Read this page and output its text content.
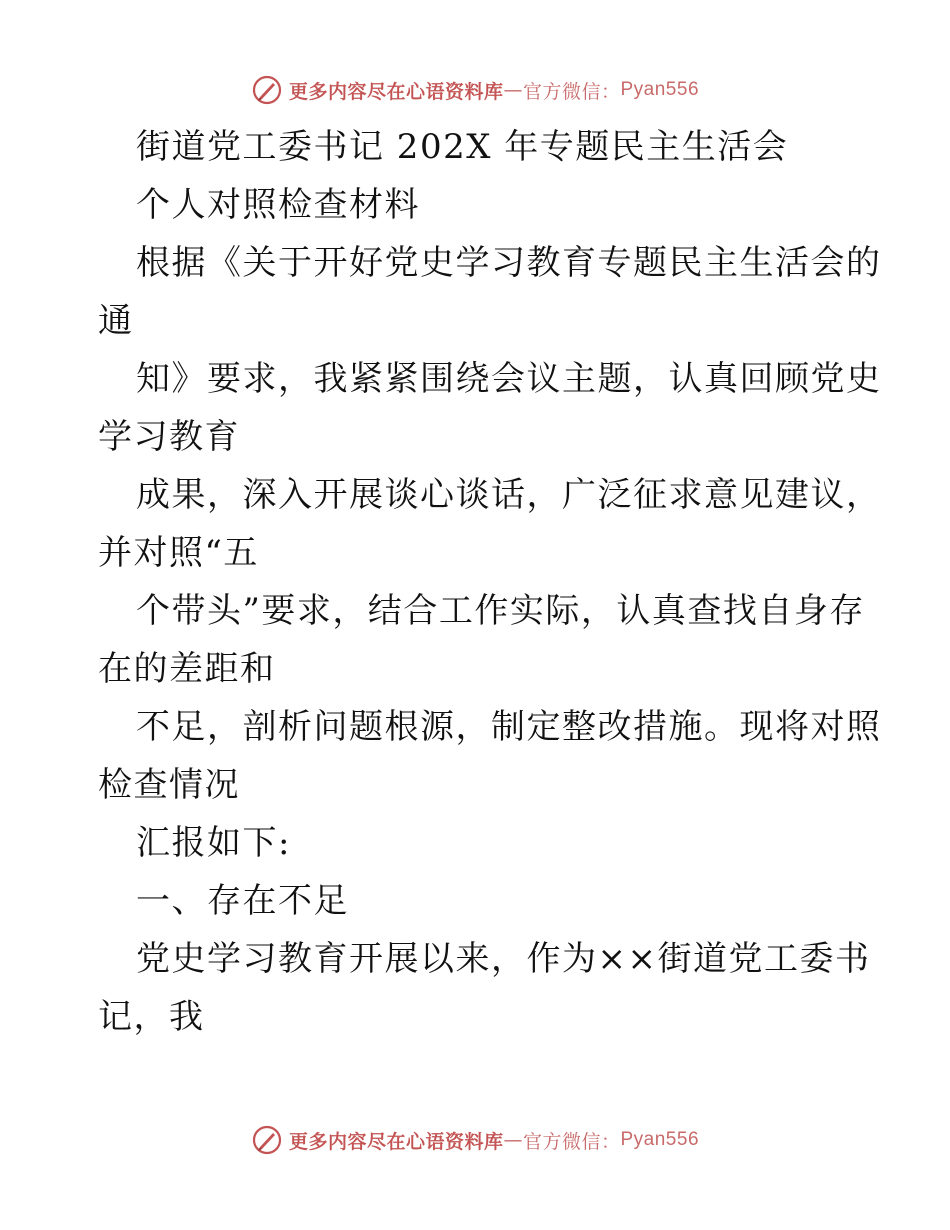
更多内容尽在心语资料库 — 官方微信： Pyan556
街道党工委书记 202X 年专题民主生活会
个人对照检查材料
根据《关于开好党史学习教育专题民主生活会的
通
知》要求，我紧紧围绕会议主题，认真回顾党史
学习教育
成果，深入开展谈心谈话，广泛征求意见建议，
并对照“五
个带头”要求，结合工作实际，认真查找自身存
在的差距和
不足，剖析问题根源，制定整改措施。现将对照
检查情况
汇报如下:
一、存在不足
党史学习教育开展以来，作为××街道党工委书
记，我
更多内容尽在心语资料库 — 官方微信： Pyan556
